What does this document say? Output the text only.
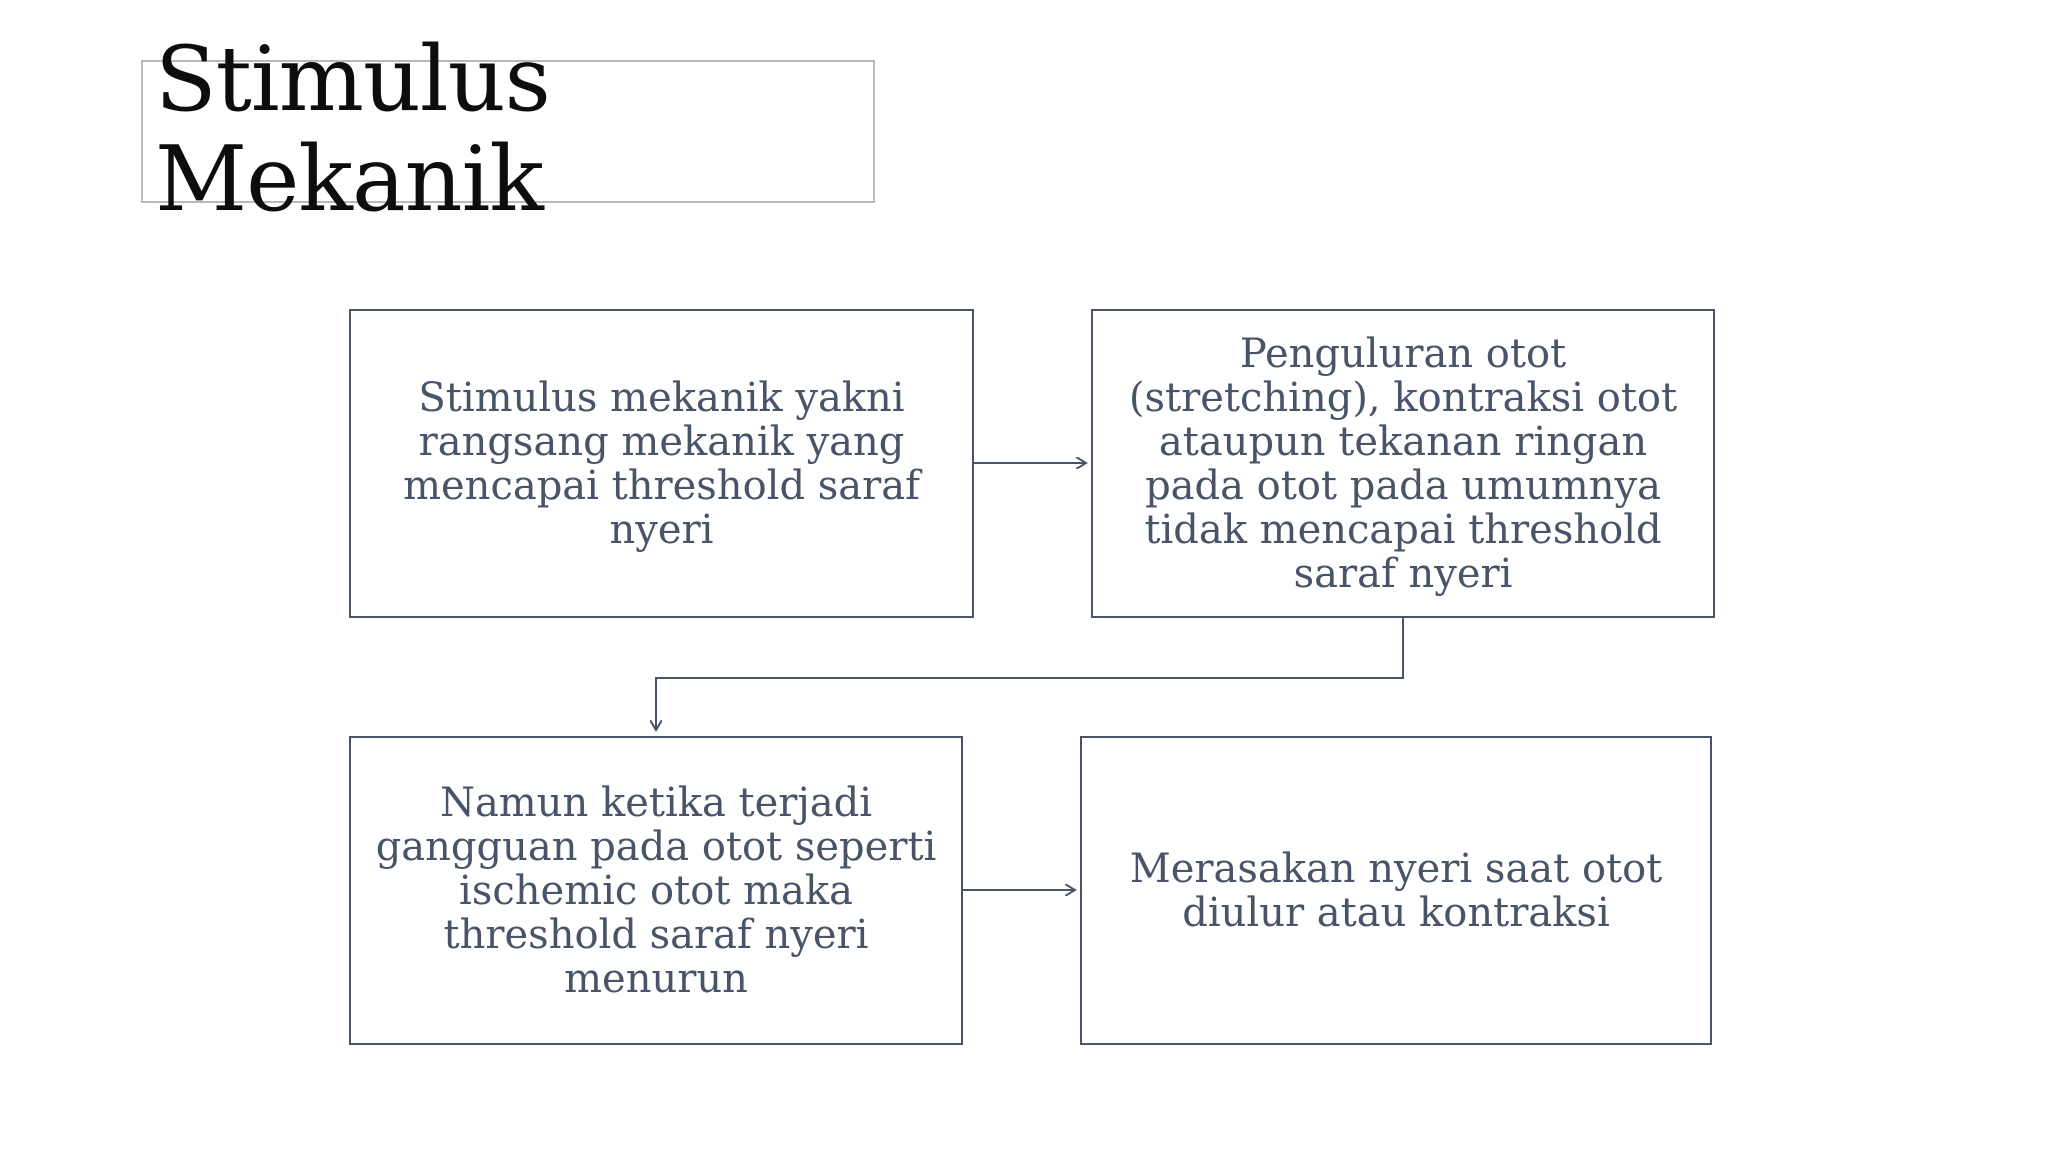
Stimulus
Mekanik
Stimulus mekanik yakni rangsang mekanik yang mencapai threshold saraf nyeri
Penguluran otot (stretching), kontraksi otot ataupun tekanan ringan pada otot pada umumnya tidak mencapai threshold saraf nyeri
Namun ketika terjadi gangguan pada otot seperti ischemic otot maka threshold saraf nyeri menurun
Merasakan nyeri saat otot diulur atau kontraksi
